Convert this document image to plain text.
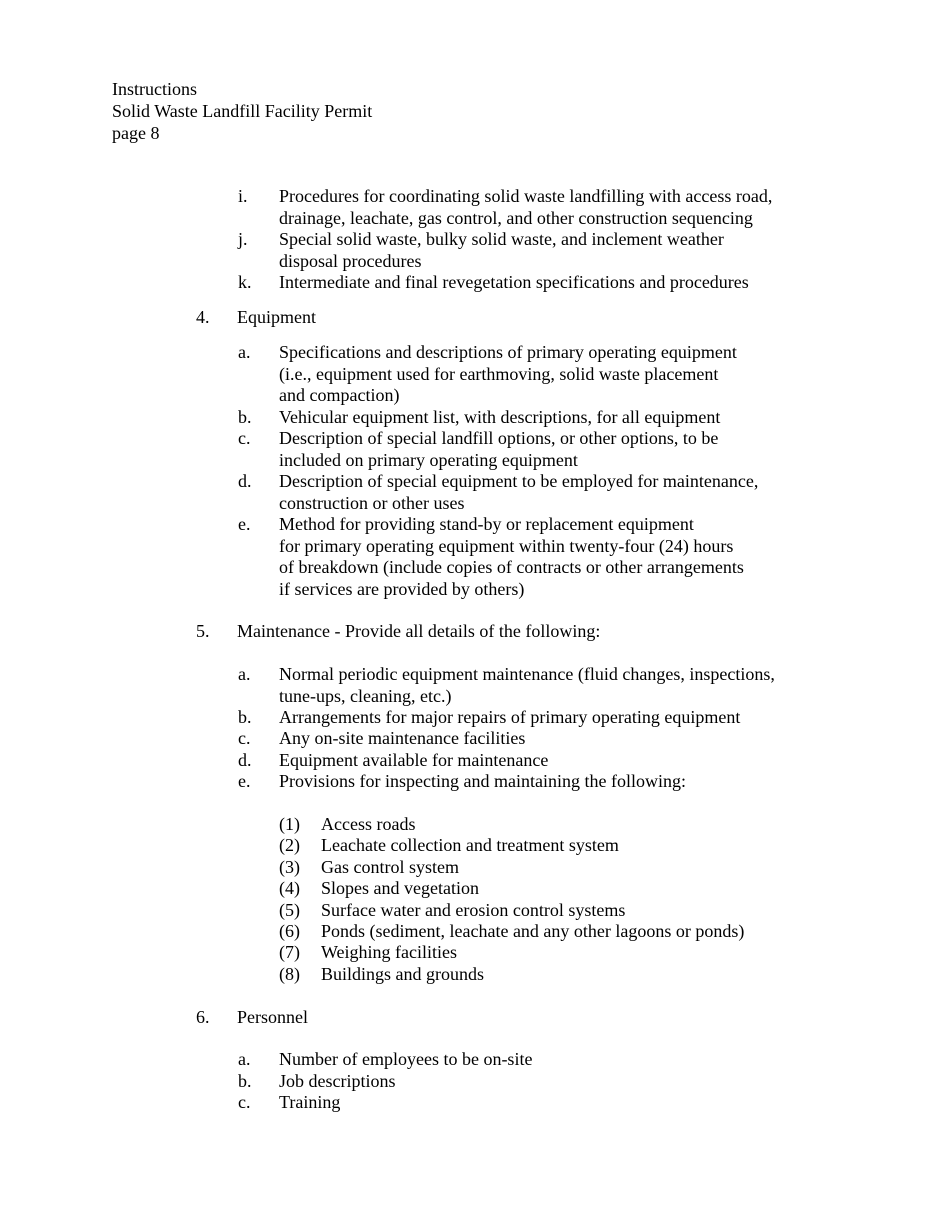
Instructions
Solid Waste Landfill Facility Permit
page 8
i. Procedures for coordinating solid waste landfilling with access road,
drainage, leachate, gas control, and other construction sequencing
j. Special solid waste, bulky solid waste, and inclement weather
disposal procedures
k. Intermediate and final revegetation specifications and procedures
4. Equipment
a. Specifications and descriptions of primary operating equipment
(i.e., equipment used for earthmoving, solid waste placement
and compaction)
b. Vehicular equipment list, with descriptions, for all equipment
c. Description of special landfill options, or other options, to be
included on primary operating equipment
d. Description of special equipment to be employed for maintenance,
construction or other uses
e. Method for providing stand-by or replacement equipment
for primary operating equipment within twenty-four (24) hours
of breakdown (include copies of contracts or other arrangements
if services are provided by others)
5. Maintenance - Provide all details of the following:
a. Normal periodic equipment maintenance (fluid changes, inspections,
tune-ups, cleaning, etc.)
b. Arrangements for major repairs of primary operating equipment
c. Any on-site maintenance facilities
d. Equipment available for maintenance
e. Provisions for inspecting and maintaining the following:
(1) Access roads
(2) Leachate collection and treatment system
(3) Gas control system
(4) Slopes and vegetation
(5) Surface water and erosion control systems
(6) Ponds (sediment, leachate and any other lagoons or ponds)
(7) Weighing facilities
(8) Buildings and grounds
6. Personnel
a. Number of employees to be on-site
b. Job descriptions
c. Training
